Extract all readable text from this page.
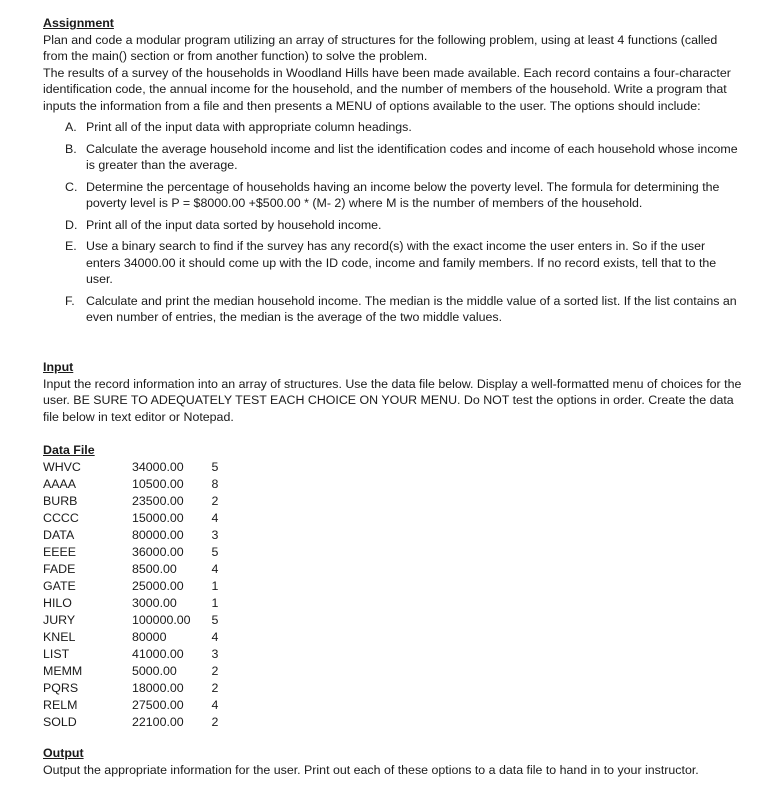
Assignment

Plan and code a modular program utilizing an array of structures for the following problem, using at least 4 functions (called from the main() section or from another function) to solve the problem.

The results of a survey of the households in Woodland Hills have been made available. Each record contains a four-character identification code, the annual income for the household, and the number of members of the household. Write a program that inputs the information from a file and then presents a MENU of options available to the user. The options should include:

A. Print all of the input data with appropriate column headings.
B. Calculate the average household income and list the identification codes and income of each household whose income is greater than the average.
C. Determine the percentage of households having an income below the poverty level. The formula for determining the poverty level is P = $8000.00 +$500.00 * (M- 2) where M is the number of members of the household.
D. Print all of the input data sorted by household income.
E. Use a binary search to find if the survey has any record(s) with the exact income the user enters in. So if the user enters 34000.00 it should come up with the ID code, income and family members. If no record exists, tell that to the user.
F. Calculate and print the median household income. The median is the middle value of a sorted list. If the list contains an even number of entries, the median is the average of the two middle values.
Input

Input the record information into an array of structures. Use the data file below. Display a well-formatted menu of choices for the user. BE SURE TO ADEQUATELY TEST EACH CHOICE ON YOUR MENU. Do NOT test the options in order. Create the data file below in text editor or Notepad.

Data File		
WHVC	34000.00	5
AAAA	10500.00	8
BURB	23500.00	2
CCCC	15000.00	4
DATA	80000.00	3
EEEE	36000.00	5
FADE	8500.00	4
GATE	25000.00	1
HILO	3000.00	1
JURY	100000.00	5
KNEL	80000	4
LIST	41000.00	3
MEMM	5000.00	2
PQRS	18000.00	2
RELM	27500.00	4
SOLD	22100.00	2
Output

Output the appropriate information for the user. Print out each of these options to a data file to hand in to your instructor.
